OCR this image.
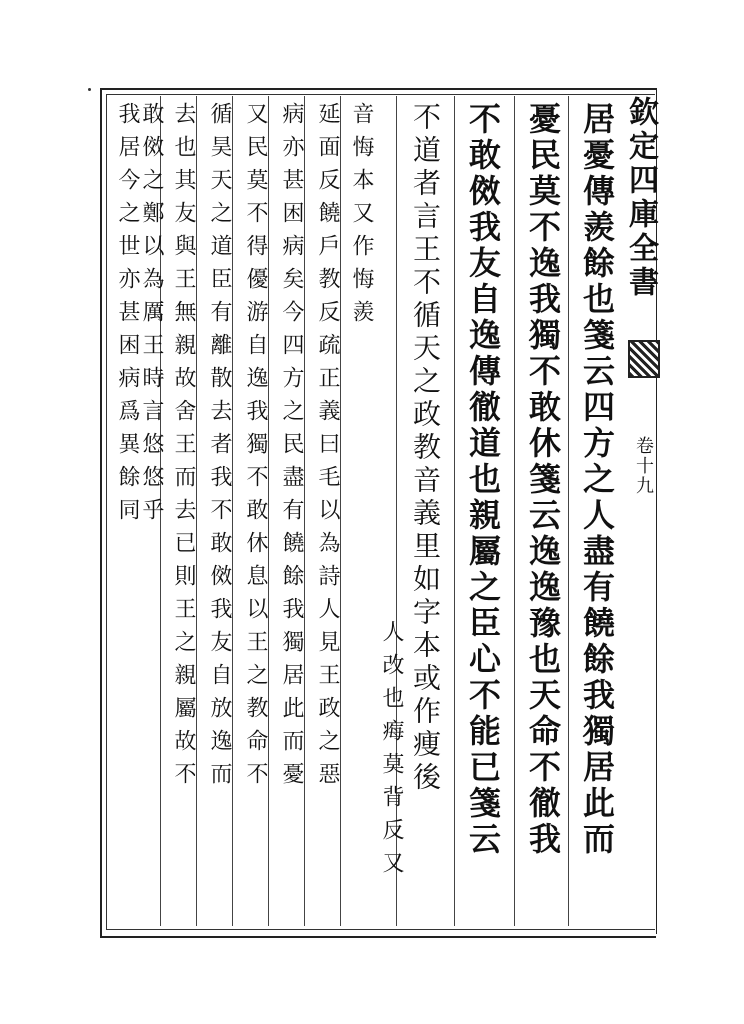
欽定四庫全書
卷十九
居憂傳羨餘也箋云四方之人盡有饒餘我獨居此而
憂民莫不逸我獨不敢休箋云逸逸豫也天命不徹我
不敢傚我友自逸傳徹道也親屬之臣心不能已箋云
不道者言王不循天之政教音義里如字本或作痩後
人改也痗莫背反又
音悔本又作悔羨
延面反饒戶教反疏正義曰毛以為詩人見王政之惡
病亦甚困病矣今四方之民盡有饒餘我獨居此而憂
又民莫不得優游自逸我獨不敢休息以王之教命不
循昊天之道臣有離散去者我不敢傚我友自放逸而
去也其友與王無親故舍王而去已則王之親屬故不
敢傚之鄭以為厲王時言悠悠乎
我居今之世亦甚困病爲異餘同
